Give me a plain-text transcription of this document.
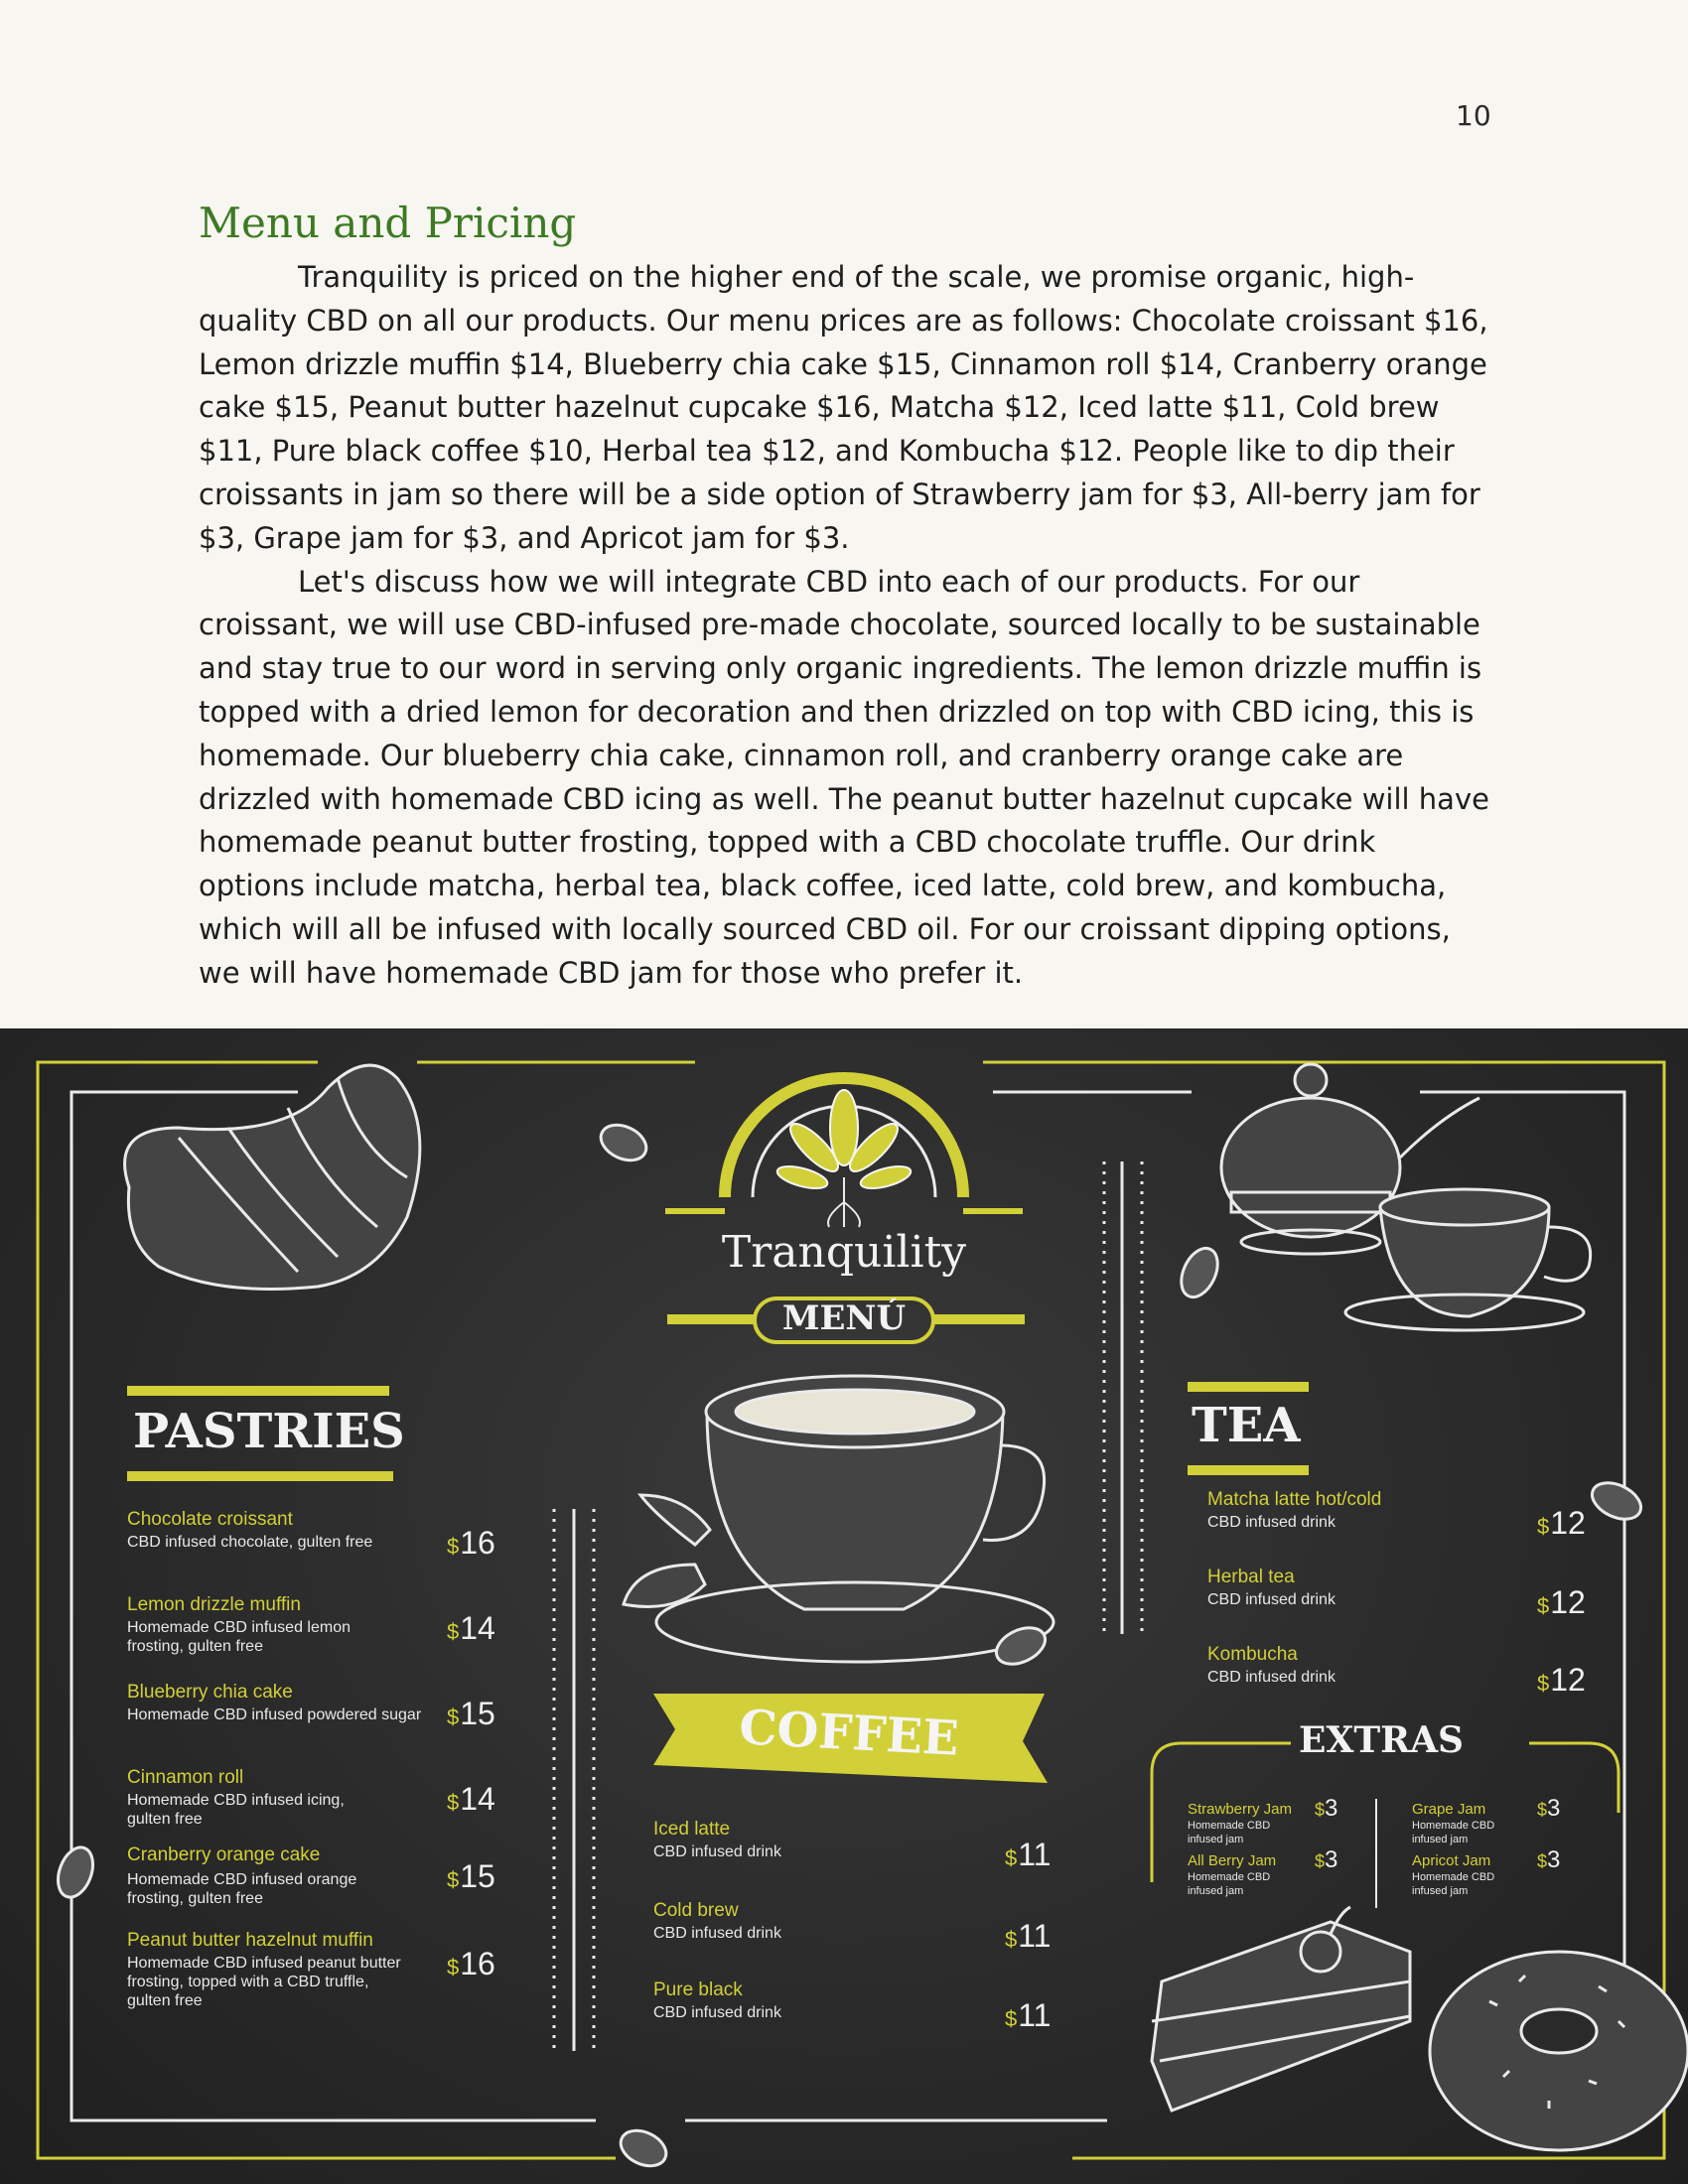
10
Menu and Pricing

Tranquility is priced on the higher end of the scale, we promise organic, high-quality CBD on all our products. Our menu prices are as follows: Chocolate croissant $16, Lemon drizzle muffin $14, Blueberry chia cake $15, Cinnamon roll $14, Cranberry orange cake $15, Peanut butter hazelnut cupcake $16, Matcha $12, Iced latte $11, Cold brew $11, Pure black coffee $10, Herbal tea $12, and Kombucha $12. People like to dip their croissants in jam so there will be a side option of Strawberry jam for $3, All-berry jam for $3, Grape jam for $3, and Apricot jam for $3.

Let's discuss how we will integrate CBD into each of our products. For our croissant, we will use CBD-infused pre-made chocolate, sourced locally to be sustainable and stay true to our word in serving only organic ingredients. The lemon drizzle muffin is topped with a dried lemon for decoration and then drizzled on top with CBD icing, this is homemade. Our blueberry chia cake, cinnamon roll, and cranberry orange cake are drizzled with homemade CBD icing as well. The peanut butter hazelnut cupcake will have homemade peanut butter frosting, topped with a CBD chocolate truffle. Our drink options include matcha, herbal tea, black coffee, iced latte, cold brew, and kombucha, which will all be infused with locally sourced CBD oil. For our croissant dipping options, we will have homemade CBD jam for those who prefer it.

Tranquility
MENÚ
PASTRIES
Chocolate croissant
CBD infused chocolate, gulten free	$16
Lemon drizzle muffin
Homemade CBD infused lemon frosting, gulten free
$14
Blueberry chia cake
Homemade CBD infused powdered sugar $15
Cinnamon roll
Homemade CBD infused icing, gulten free
$14
Cranberry orange cake
Homemade CBD infused orange frosting, gulten free
$15
Peanut butter hazelnut muffin
Homemade CBD infused peanut butter frosting, topped with a CBD truffle, gulten free
$16
COFFEE
Iced latte
CBD infused drink	$11
Cold brew
CBD infused drink	$11
Pure black
CBD infused drink	$11
TEA
Matcha latte hot/cold
CBD infused drink	$12
Herbal tea
CBD infused drink	$12
Kombucha
CBD infused drink	$12
EXTRAS
Strawberry Jam
Homemade CBD infused jam
$3	Grape Jam
Homemade CBD infused jam
$3
All Berry Jam
Homemade CBD infused jam
$3	Apricot Jam
Homemade CBD infused jam
$3
